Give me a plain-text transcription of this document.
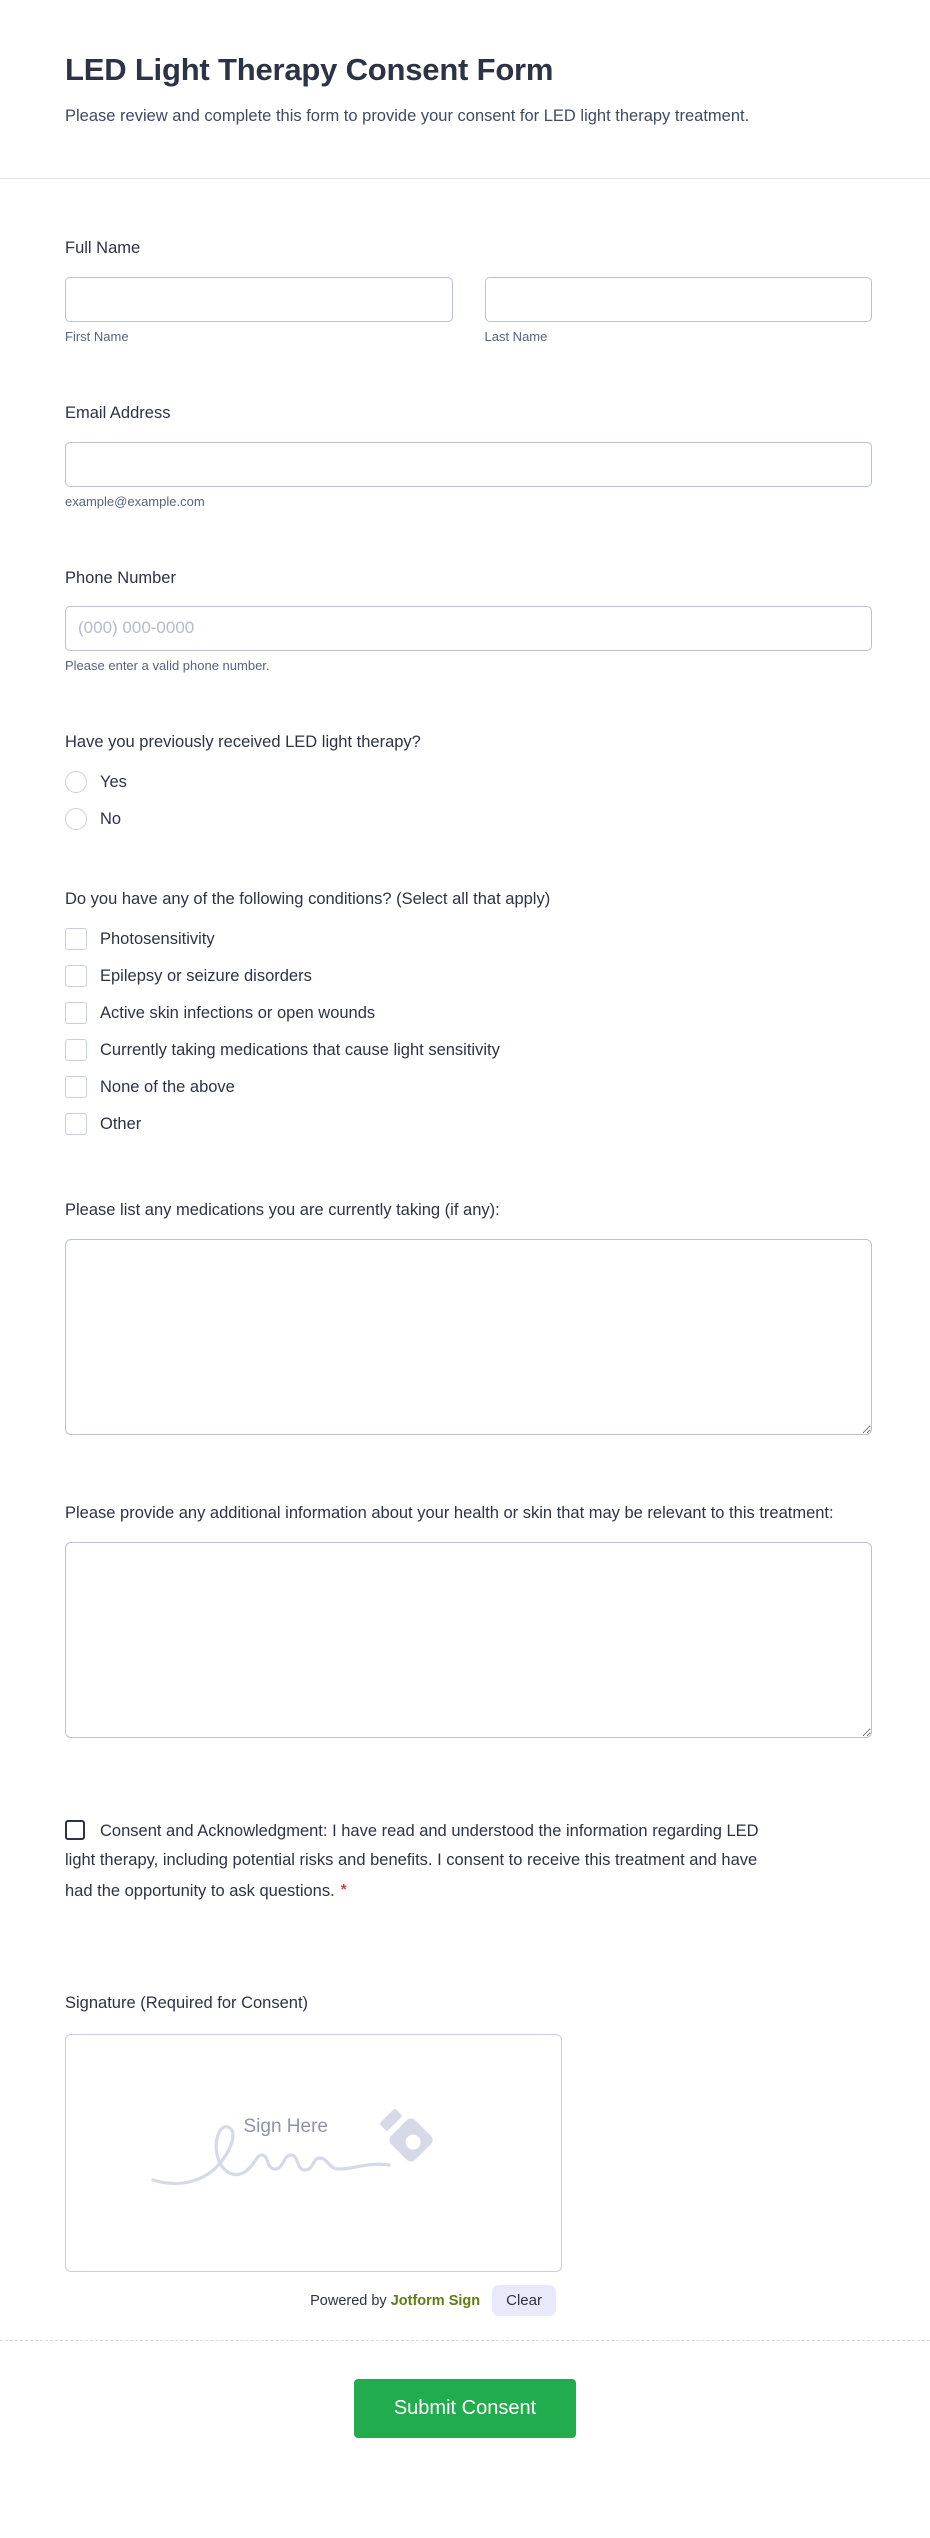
LED Light Therapy Consent Form
Please review and complete this form to provide your consent for LED light therapy treatment.
Full Name
First Name	Last Name
Email Address
example@example.com
Phone Number
(000) 000-0000
Please enter a valid phone number.
Have you previously received LED light therapy?
Yes
No
Do you have any of the following conditions? (Select all that apply)
Photosensitivity
Epilepsy or seizure disorders
Active skin infections or open wounds
Currently taking medications that cause light sensitivity
None of the above
Other
Please list any medications you are currently taking (if any):
Please provide any additional information about your health or skin that may be relevant to this treatment:
Consent and Acknowledgment: I have read and understood the information regarding LED light therapy, including potential risks and benefits. I consent to receive this treatment and have had the opportunity to ask questions. *
Signature (Required for Consent)
Sign Here
Powered by Jotform Sign	Clear
Submit Consent
